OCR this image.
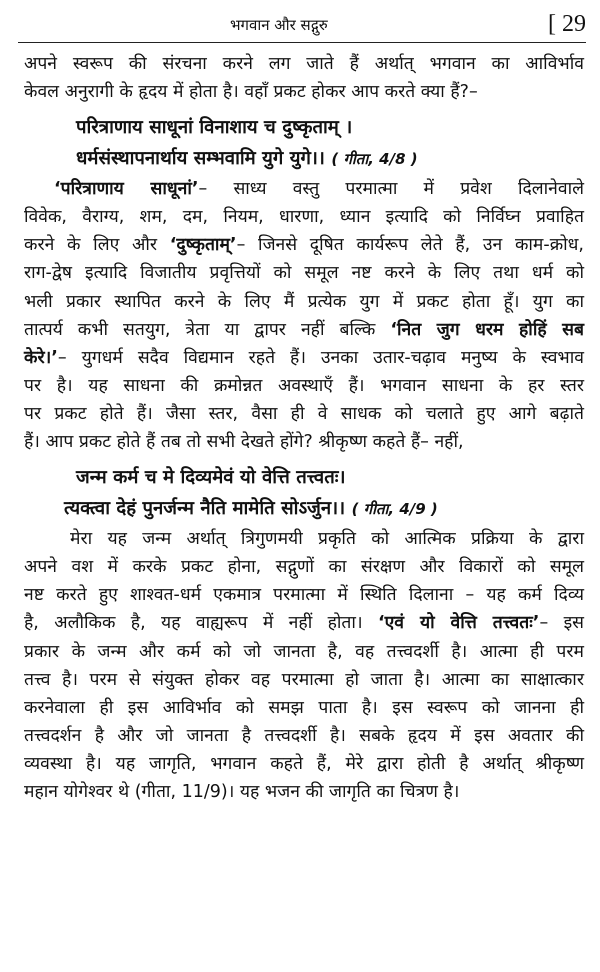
भगवान और सद्गुरु	[ 29

अपने स्वरूप की संरचना करने लग जाते हैं अर्थात् भगवान का आविर्भाव
केवल अनुरागी के हृदय में होता है। वहाँ प्रकट होकर आप करते क्या हैं?–

परित्राणाय साधूनां विनाशाय च दुष्कृताम् ।
धर्मसंस्थापनार्थाय सम्भवामि युगे युगे।। ( गीता, 4/8 )

‘परित्राणाय साधूनां’– साध्य वस्तु परमात्मा में प्रवेश दिलानेवाले
विवेक, वैराग्य, शम, दम, नियम, धारणा, ध्यान इत्यादि को निर्विघ्न प्रवाहित
करने के लिए और ‘दुष्कृताम्’– जिनसे दूषित कार्यरूप लेते हैं, उन काम-क्रोध,
राग-द्वेष इत्यादि विजातीय प्रवृत्तियों को समूल नष्ट करने के लिए तथा धर्म को
भली प्रकार स्थापित करने के लिए मैं प्रत्येक युग में प्रकट होता हूँ। युग का
तात्पर्य कभी सतयुग, त्रेता या द्वापर नहीं बल्कि ‘नित जुग धरम होहिं सब
केरे।’– युगधर्म सदैव विद्यमान रहते हैं। उनका उतार-चढ़ाव मनुष्य के स्वभाव
पर है। यह साधना की क्रमोन्नत अवस्थाएँ हैं। भगवान साधना के हर स्तर
पर प्रकट होते हैं। जैसा स्तर, वैसा ही वे साधक को चलाते हुए आगे बढ़ाते
हैं। आप प्रकट होते हैं तब तो सभी देखते होंगे? श्रीकृष्ण कहते हैं– नहीं,

जन्म कर्म च मे दिव्यमेवं यो वेत्ति तत्त्वतः।
त्यक्त्वा देहं पुनर्जन्म नैति मामेति सोऽर्जुन।। ( गीता, 4/9 )

मेरा यह जन्म अर्थात् त्रिगुणमयी प्रकृति को आत्मिक प्रक्रिया के द्वारा
अपने वश में करके प्रकट होना, सद्गुणों का संरक्षण और विकारों को समूल
नष्ट करते हुए शाश्वत-धर्म एकमात्र परमात्मा में स्थिति दिलाना – यह कर्म दिव्य
है, अलौकिक है, यह वाह्यरूप में नहीं होता। ‘एवं यो वेत्ति तत्त्वतः’– इस
प्रकार के जन्म और कर्म को जो जानता है, वह तत्त्वदर्शी है। आत्मा ही परम
तत्त्व है। परम से संयुक्त होकर वह परमात्मा हो जाता है। आत्मा का साक्षात्कार
करनेवाला ही इस आविर्भाव को समझ पाता है। इस स्वरूप को जानना ही
तत्त्वदर्शन है और जो जानता है तत्त्वदर्शी है। सबके हृदय में इस अवतार की
व्यवस्था है। यह जागृति, भगवान कहते हैं, मेरे द्वारा होती है अर्थात् श्रीकृष्ण
महान योगेश्वर थे (गीता, 11/9)। यह भजन की जागृति का चित्रण है।
